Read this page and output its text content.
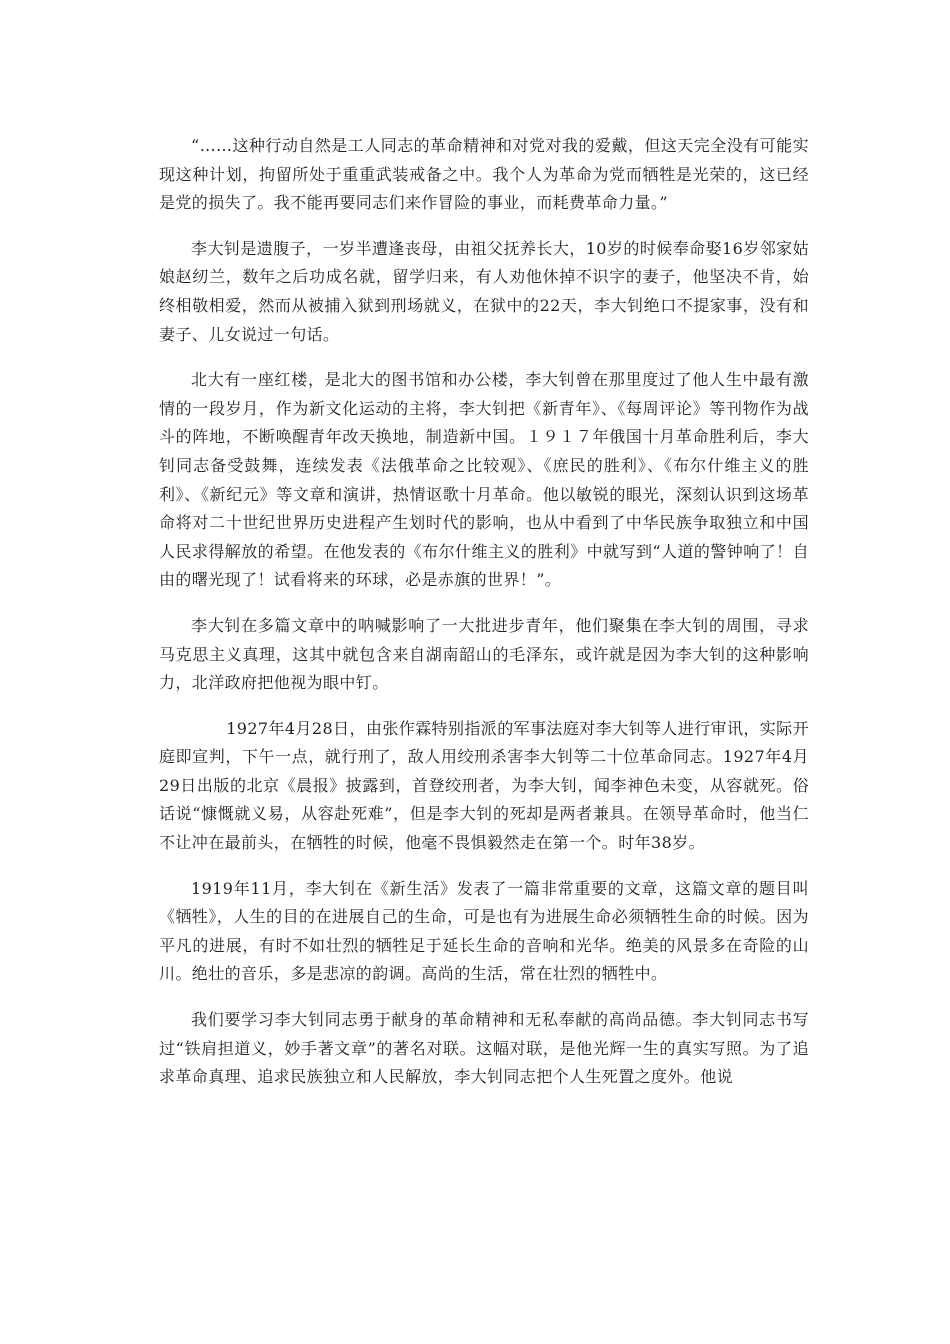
“……这种行动自然是工人同志的革命精神和对党对我的爱戴，但这天完全没有可能实现这种计划，拘留所处于重重武装戒备之中。我个人为革命为党而牺牲是光荣的，这已经是党的损失了。我不能再要同志们来作冒险的事业，而耗费革命力量。”

李大钊是遗腹子，一岁半遭逢丧母，由祖父抚养长大，10岁的时候奉命娶16岁邻家姑娘赵纫兰，数年之后功成名就，留学归来，有人劝他休掉不识字的妻子，他坚决不肯，始终相敬相爱，然而从被捕入狱到刑场就义，在狱中的22天，李大钊绝口不提家事，没有和妻子、儿女说过一句话。

北大有一座红楼，是北大的图书馆和办公楼，李大钊曾在那里度过了他人生中最有激情的一段岁月，作为新文化运动的主将，李大钊把《新青年》、《每周评论》等刊物作为战斗的阵地，不断唤醒青年改天换地，制造新中国。１９１７年俄国十月革命胜利后，李大钊同志备受鼓舞，连续发表《法俄革命之比较观》、《庶民的胜利》、《布尔什维主义的胜利》、《新纪元》等文章和演讲，热情讴歌十月革命。他以敏锐的眼光，深刻认识到这场革命将对二十世纪世界历史进程产生划时代的影响，也从中看到了中华民族争取独立和中国人民求得解放的希望。在他发表的《布尔什维主义的胜利》中就写到“人道的警钟响了！自由的曙光现了！试看将来的环球，必是赤旗的世界！”。

李大钊在多篇文章中的呐喊影响了一大批进步青年，他们聚集在李大钊的周围，寻求马克思主义真理，这其中就包含来自湖南韶山的毛泽东，或许就是因为李大钊的这种影响力，北洋政府把他视为眼中钉。

1927年4月28日，由张作霖特别指派的军事法庭对李大钊等人进行审讯，实际开庭即宣判，下午一点，就行刑了，敌人用绞刑杀害李大钊等二十位革命同志。1927年4月29日出版的北京《晨报》披露到，首登绞刑者，为李大钊，闻李神色未变，从容就死。俗话说“慷慨就义易，从容赴死难”，但是李大钊的死却是两者兼具。在领导革命时，他当仁不让冲在最前头，在牺牲的时候，他毫不畏惧毅然走在第一个。时年38岁。

1919年11月，李大钊在《新生活》发表了一篇非常重要的文章，这篇文章的题目叫《牺牲》，人生的目的在进展自己的生命，可是也有为进展生命必须牺牲生命的时候。因为平凡的进展，有时不如壮烈的牺牲足于延长生命的音响和光华。绝美的风景多在奇险的山川。绝壮的音乐，多是悲凉的韵调。高尚的生活，常在壮烈的牺牲中。

我们要学习李大钊同志勇于献身的革命精神和无私奉献的高尚品德。李大钊同志书写过“铁肩担道义，妙手著文章”的著名对联。这幅对联，是他光辉一生的真实写照。为了追求革命真理、追求民族独立和人民解放，李大钊同志把个人生死置之度外。他说
